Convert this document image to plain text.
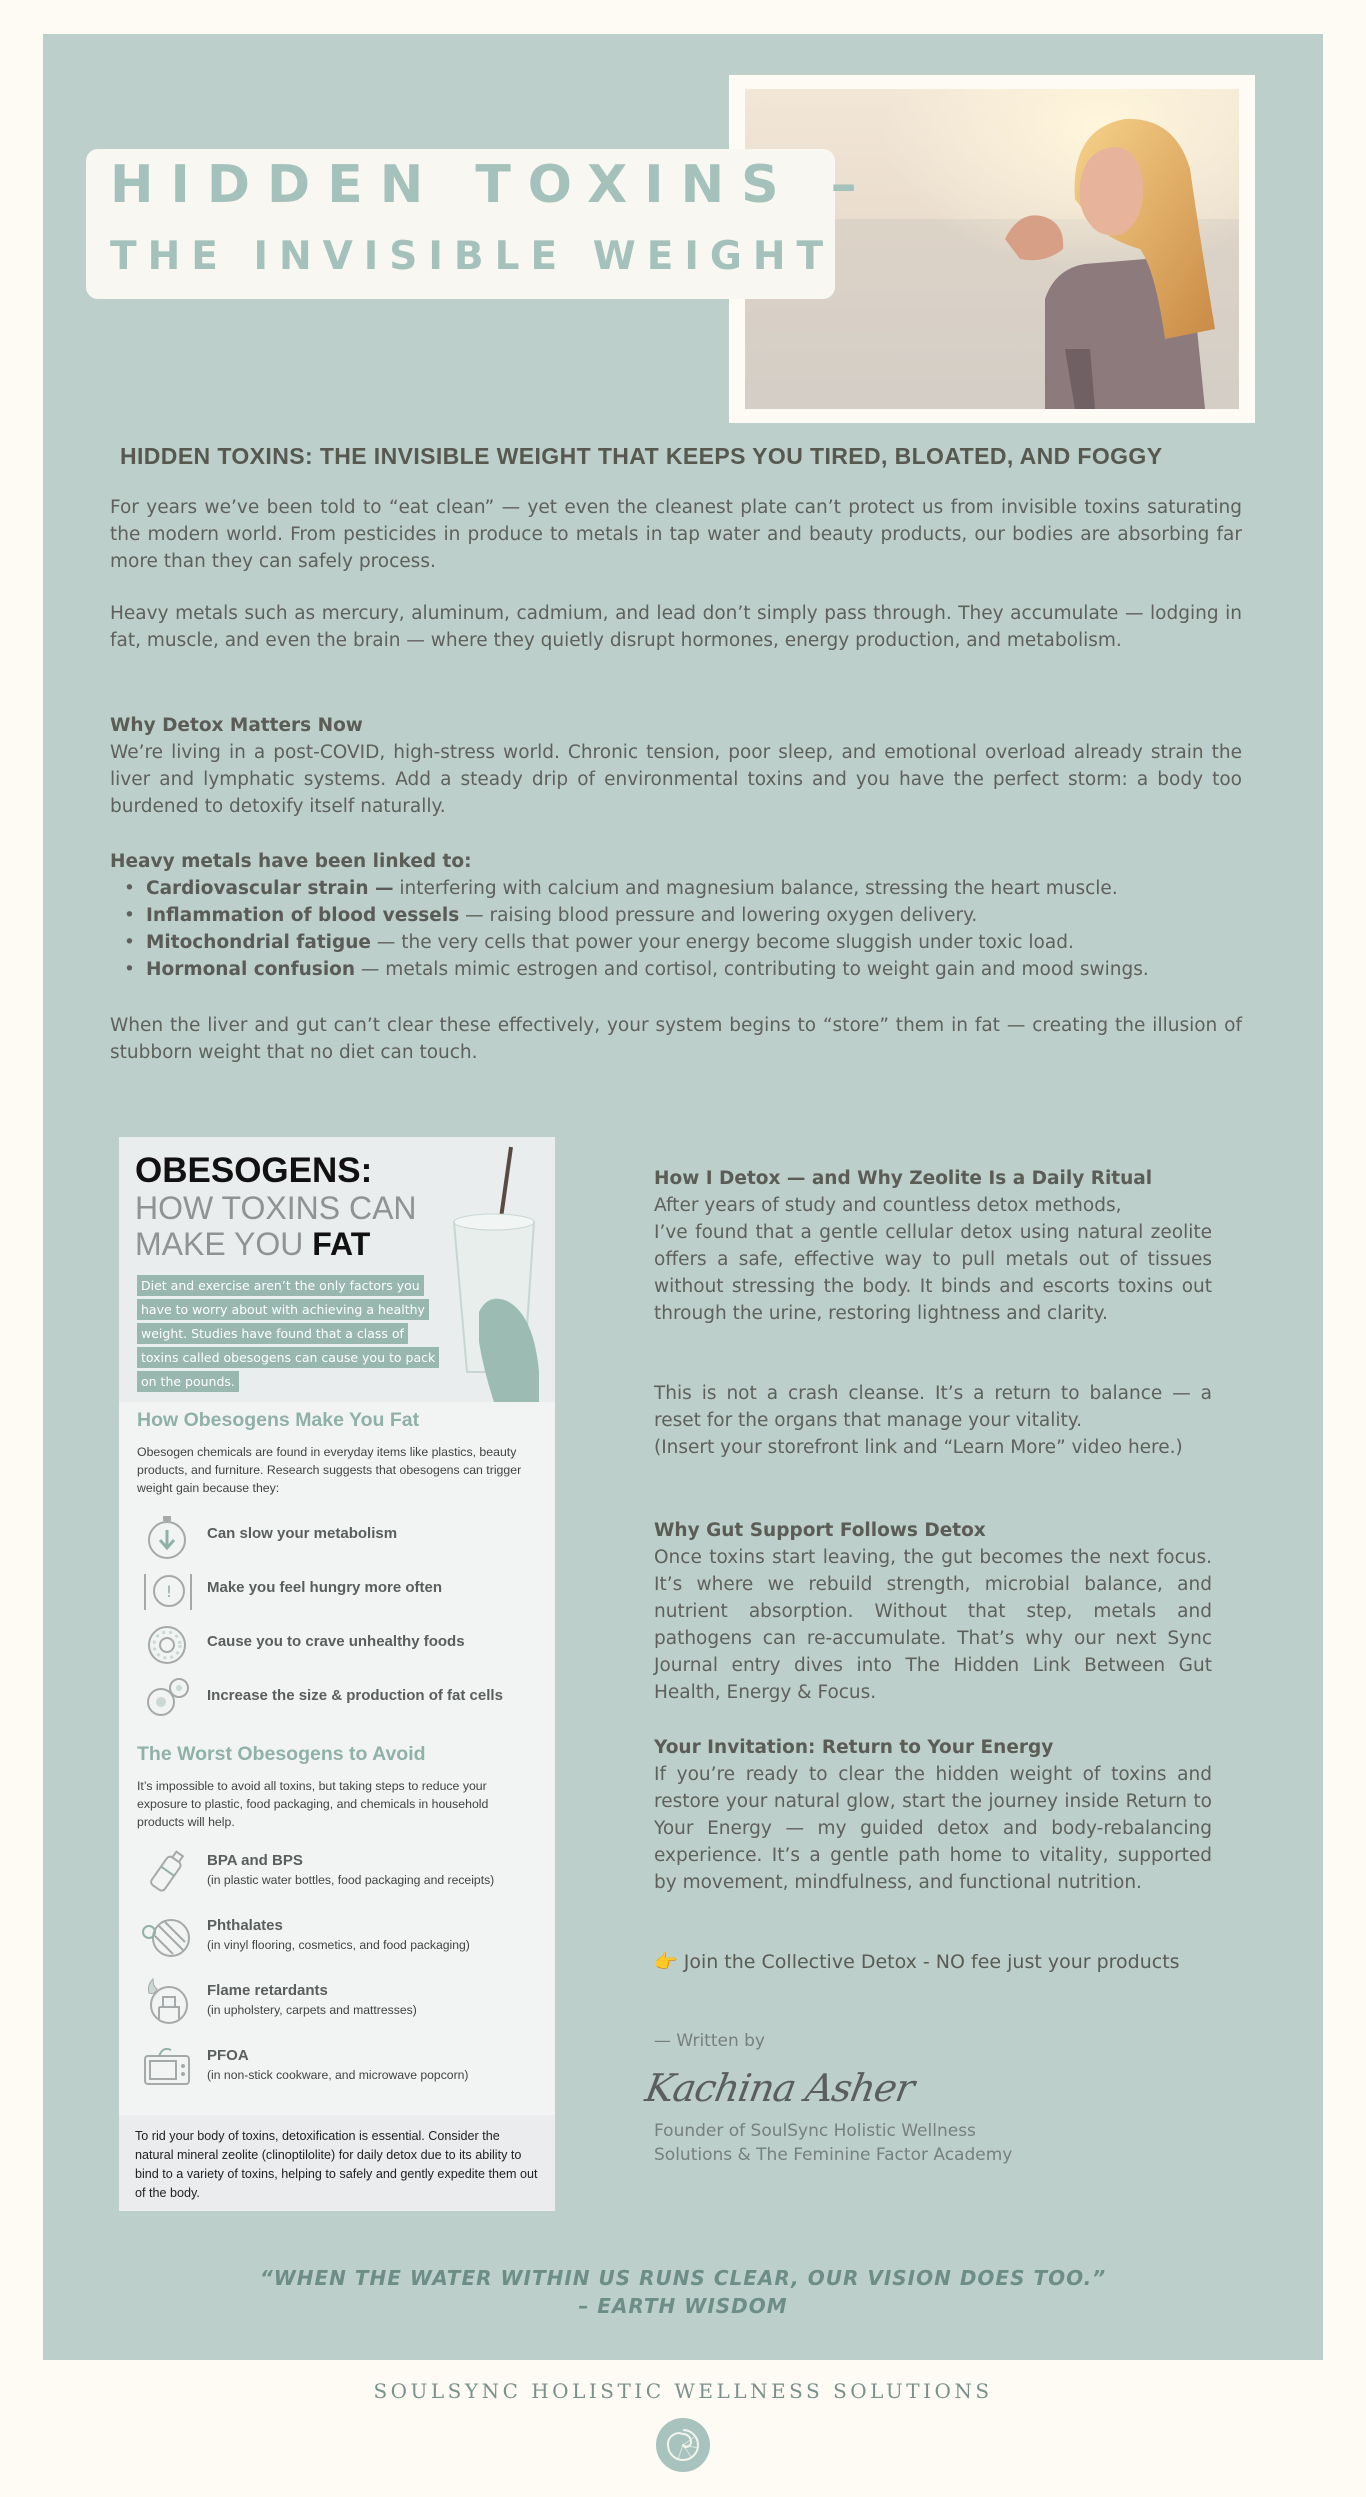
HIDDEN TOXINS –
THE INVISIBLE WEIGHT
HIDDEN TOXINS: THE INVISIBLE WEIGHT THAT KEEPS YOU TIRED, BLOATED, AND FOGGY

For years we’ve been told to “eat clean” — yet even the cleanest plate can’t protect us from invisible toxins saturating the modern world. From pesticides in produce to metals in tap water and beauty products, our bodies are absorbing far more than they can safely process.

Heavy metals such as mercury, aluminum, cadmium, and lead don’t simply pass through. They accumulate — lodging in fat, muscle, and even the brain — where they quietly disrupt hormones, energy production, and metabolism.

Why Detox Matters Now

We’re living in a post-COVID, high-stress world. Chronic tension, poor sleep, and emotional overload already strain the liver and lymphatic systems. Add a steady drip of environmental toxins and you have the perfect storm: a body too burdened to detoxify itself naturally.

Heavy metals have been linked to:
• Cardiovascular strain — interfering with calcium and magnesium balance, stressing the heart muscle.
• Inflammation of blood vessels — raising blood pressure and lowering oxygen delivery.
• Mitochondrial fatigue — the very cells that power your energy become sluggish under toxic load.
• Hormonal confusion — metals mimic estrogen and cortisol, contributing to weight gain and mood swings.

When the liver and gut can’t clear these effectively, your system begins to “store” them in fat — creating the illusion of stubborn weight that no diet can touch.

OBESOGENS:
HOW TOXINS CAN
MAKE YOU FAT
Diet and exercise aren’t the only factors you have to worry about with achieving a healthy weight. Studies have found that a class of toxins called obesogens can cause you to pack on the pounds.
How Obesogens Make You Fat

Obesogen chemicals are found in everyday items like plastics, beauty products, and furniture. Research suggests that obesogens can trigger weight gain because they:

Can slow your metabolism
! Make you feel hungry more often
Cause you to crave unhealthy foods
Increase the size & production of fat cells
The Worst Obesogens to Avoid

It’s impossible to avoid all toxins, but taking steps to reduce your exposure to plastic, food packaging, and chemicals in household products will help.

BPA and BPS
(in plastic water bottles, food packaging and receipts)
Phthalates
(in vinyl flooring, cosmetics, and food packaging)
Flame retardants
(in upholstery, carpets and mattresses)
PFOA
(in non-stick cookware, and microwave popcorn)

To rid your body of toxins, detoxification is essential. Consider the natural mineral zeolite (clinoptilolite) for daily detox due to its ability to bind to a variety of toxins, helping to safely and gently expedite them out of the body.

How I Detox — and Why Zeolite Is a Daily Ritual
After years of study and countless detox methods,

I’ve found that a gentle cellular detox using natural zeolite offers a safe, effective way to pull metals out of tissues without stressing the body. It binds and escorts toxins out through the urine, restoring lightness and clarity.

This is not a crash cleanse. It’s a return to balance — a reset for the organs that manage your vitality.

(Insert your storefront link and “Learn More” video here.)

Why Gut Support Follows Detox

Once toxins start leaving, the gut becomes the next focus. It’s where we rebuild strength, microbial balance, and nutrient absorption. Without that step, metals and pathogens can re-accumulate. That’s why our next Sync Journal entry dives into The Hidden Link Between Gut Health, Energy & Focus.

Your Invitation: Return to Your Energy

If you’re ready to clear the hidden weight of toxins and restore your natural glow, start the journey inside Return to Your Energy — my guided detox and body-rebalancing experience. It’s a gentle path home to vitality, supported by movement, mindfulness, and functional nutrition.

👉 Join the Collective Detox - NO fee just your products
— Written by
Kachina Asher
Founder of SoulSync Holistic Wellness
Solutions & The Feminine Factor Academy
“WHEN THE WATER WITHIN US RUNS CLEAR, OUR VISION DOES TOO.”
– EARTH WISDOM
SOULSYNC HOLISTIC WELLNESS SOLUTIONS
